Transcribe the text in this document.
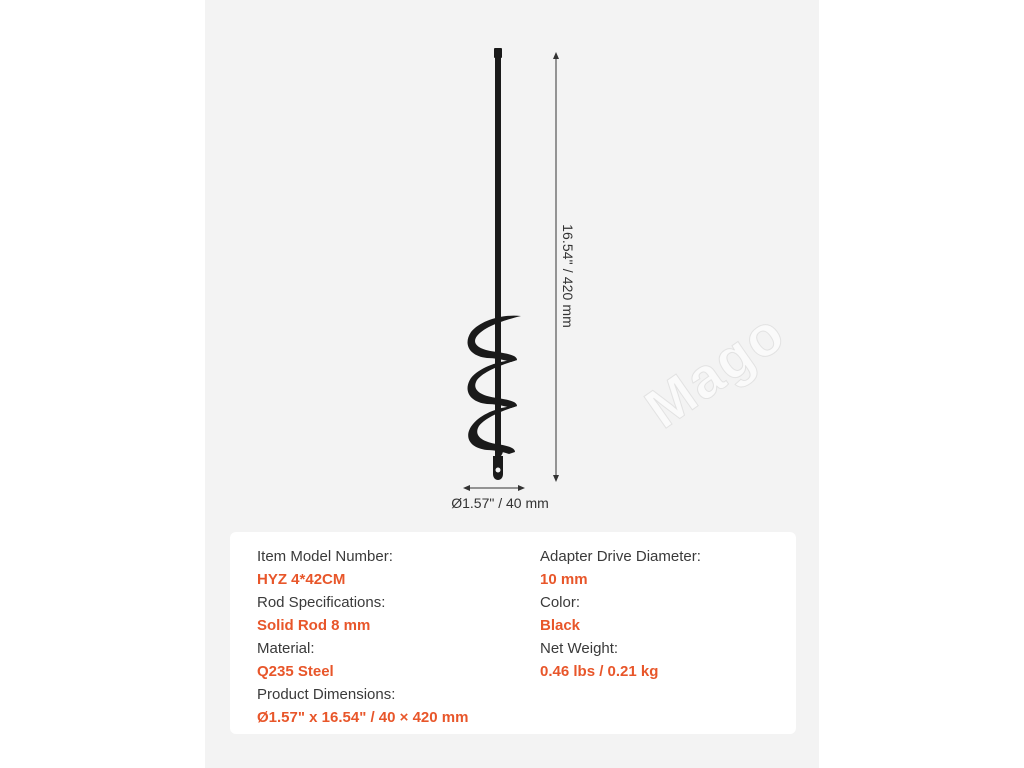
Mago
16.54" / 420 mm
Ø1.57" / 40 mm
Item Model Number:
HYZ 4*42CM
Rod Specifications:
Solid Rod 8 mm
Material:
Q235 Steel
Product Dimensions:
Ø1.57" x 16.54" / 40 × 420 mm
Adapter Drive Diameter:
10 mm
Color:
Black
Net Weight:
0.46 lbs / 0.21 kg
